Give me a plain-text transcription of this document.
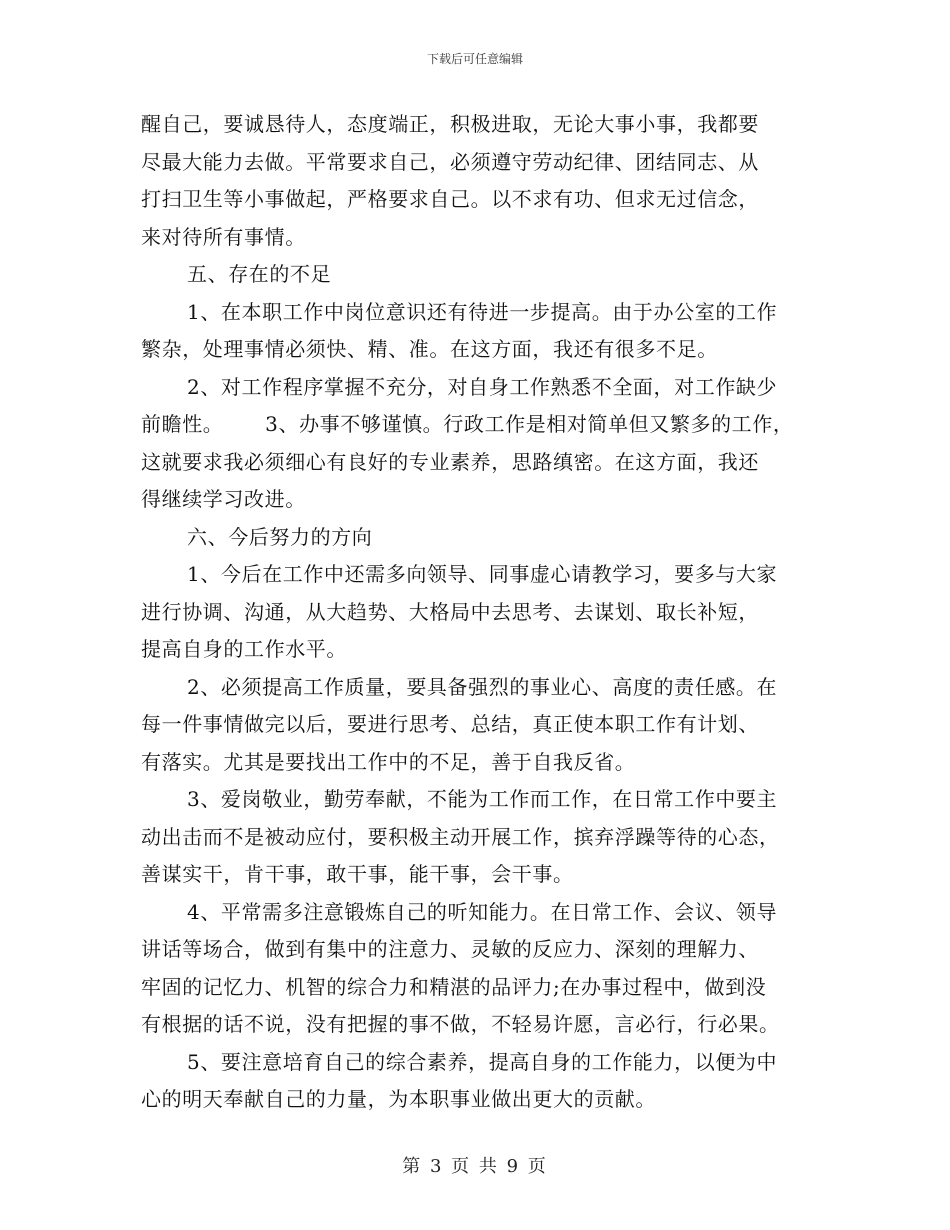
下载后可任意编辑
醒自己，要诚恳待人，态度端正，积极进取，无论大事小事，我都要
尽最大能力去做。平常要求自己，必须遵守劳动纪律、团结同志、从
打扫卫生等小事做起，严格要求自己。以不求有功、但求无过信念，
来对待所有事情。
五、存在的不足
1、在本职工作中岗位意识还有待进一步提高。由于办公室的工作
繁杂，处理事情必须快、精、准。在这方面，我还有很多不足。
2、对工作程序掌握不充分，对自身工作熟悉不全面，对工作缺少
前瞻性。      3、办事不够谨慎。行政工作是相对简单但又繁多的工作，
这就要求我必须细心有良好的专业素养，思路缜密。在这方面，我还
得继续学习改进。
六、今后努力的方向
1、今后在工作中还需多向领导、同事虚心请教学习，要多与大家
进行协调、沟通，从大趋势、大格局中去思考、去谋划、取长补短，
提高自身的工作水平。
2、必须提高工作质量，要具备强烈的事业心、高度的责任感。在
每一件事情做完以后，要进行思考、总结，真正使本职工作有计划、
有落实。尤其是要找出工作中的不足，善于自我反省。
3、爱岗敬业，勤劳奉献，不能为工作而工作，在日常工作中要主
动出击而不是被动应付，要积极主动开展工作，摈弃浮躁等待的心态，
善谋实干，肯干事，敢干事，能干事，会干事。
4、平常需多注意锻炼自己的听知能力。在日常工作、会议、领导
讲话等场合，做到有集中的注意力、灵敏的反应力、深刻的理解力、
牢固的记忆力、机智的综合力和精湛的品评力;在办事过程中，做到没
有根据的话不说，没有把握的事不做，不轻易许愿，言必行，行必果。
5、要注意培育自己的综合素养，提高自身的工作能力，以便为中
心的明天奉献自己的力量，为本职事业做出更大的贡献。
第 3 页 共 9 页
